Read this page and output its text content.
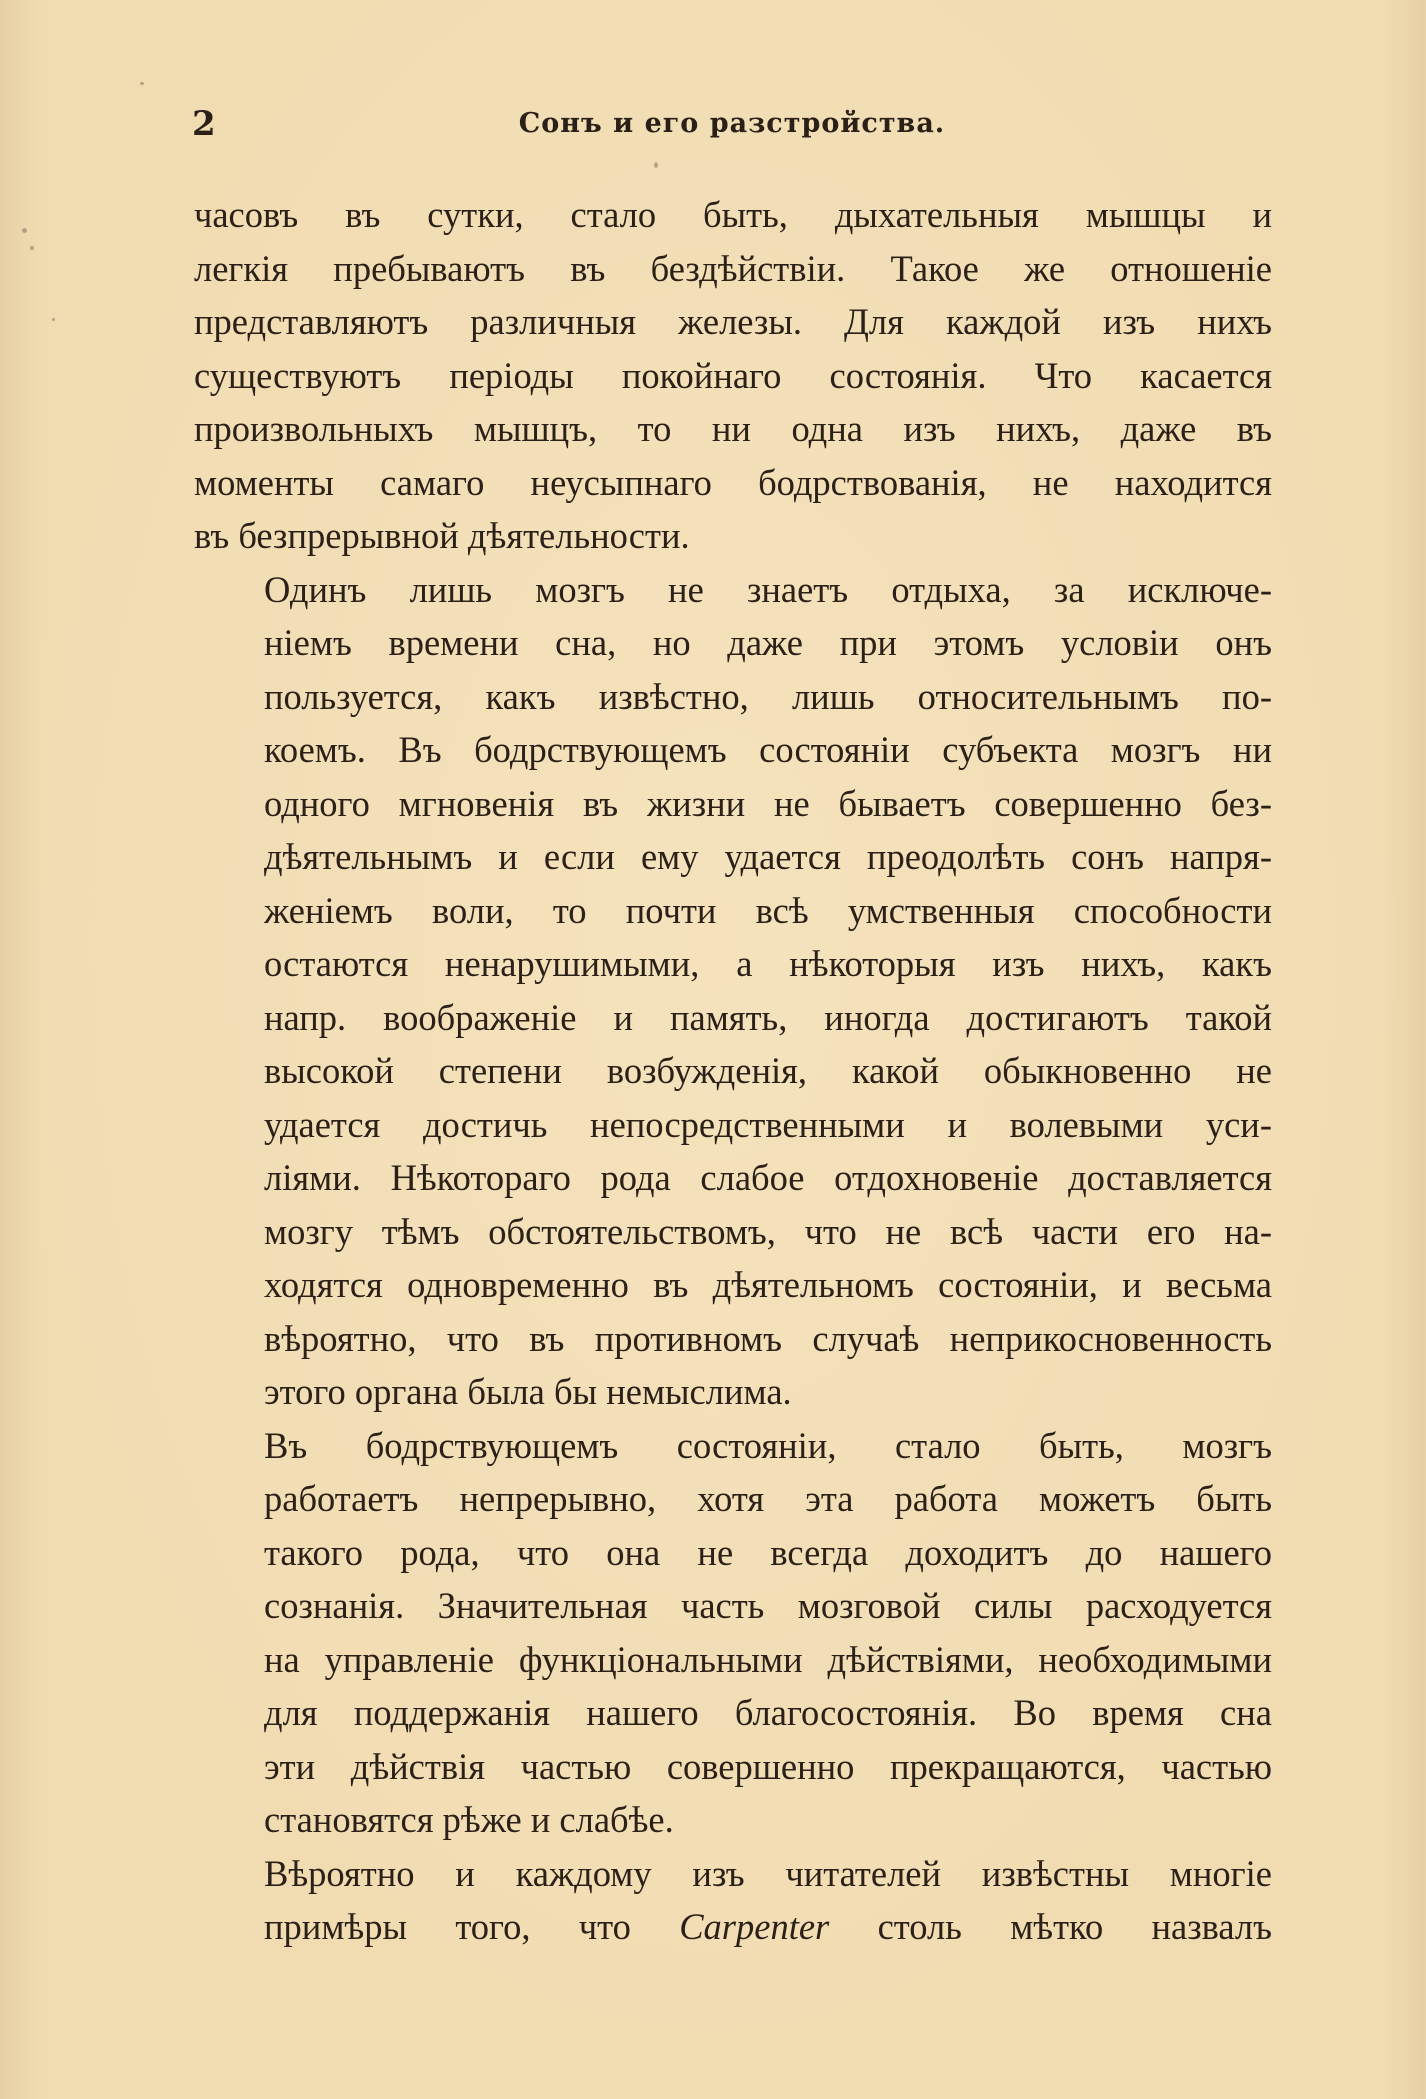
2	Сонъ и его разстройства.

часовъ въ сутки, стало быть, дыхательныя мышцы и
легкія пребываютъ въ бездѣйствіи. Такое же отношеніе
представляютъ различныя железы. Для каждой изъ нихъ
существуютъ періоды покойнаго состоянія. Что касается
произвольныхъ мышцъ, то ни одна изъ нихъ, даже въ
моменты самаго неусыпнаго бодрствованія, не находится
въ безпрерывной дѣятельности.

Одинъ лишь мозгъ не знаетъ отдыха, за исключе-
ніемъ времени сна, но даже при этомъ условіи онъ
пользуется, какъ извѣстно, лишь относительнымъ по-
коемъ. Въ бодрствующемъ состояніи субъекта мозгъ ни
одного мгновенія въ жизни не бываетъ совершенно без-
дѣятельнымъ и если ему удается преодолѣть сонъ напря-
женіемъ воли, то почти всѣ умственныя способности
остаются ненарушимыми, а нѣкоторыя изъ нихъ, какъ
напр. воображеніе и память, иногда достигаютъ такой
высокой степени возбужденія, какой обыкновенно не
удается достичь непосредственными и волевыми уси-
ліями. Нѣкотораго рода слабое отдохновеніе доставляется
мозгу тѣмъ обстоятельствомъ, что не всѣ части его на-
ходятся одновременно въ дѣятельномъ состояніи, и весьма
вѣроятно, что въ противномъ случаѣ неприкосновенность
этого органа была бы немыслима.

Въ бодрствующемъ состояніи, стало быть, мозгъ
работаетъ непрерывно, хотя эта работа можетъ быть
такого рода, что она не всегда доходитъ до нашего
сознанія. Значительная часть мозговой силы расходуется
на управленіе функціональными дѣйствіями, необходимыми
для поддержанія нашего благосостоянія. Во время сна
эти дѣйствія частью совершенно прекращаются, частью
становятся рѣже и слабѣе.

Вѣроятно и каждому изъ читателей извѣстны многіе
примѣры того, что Carpenter столь мѣтко назвалъ
